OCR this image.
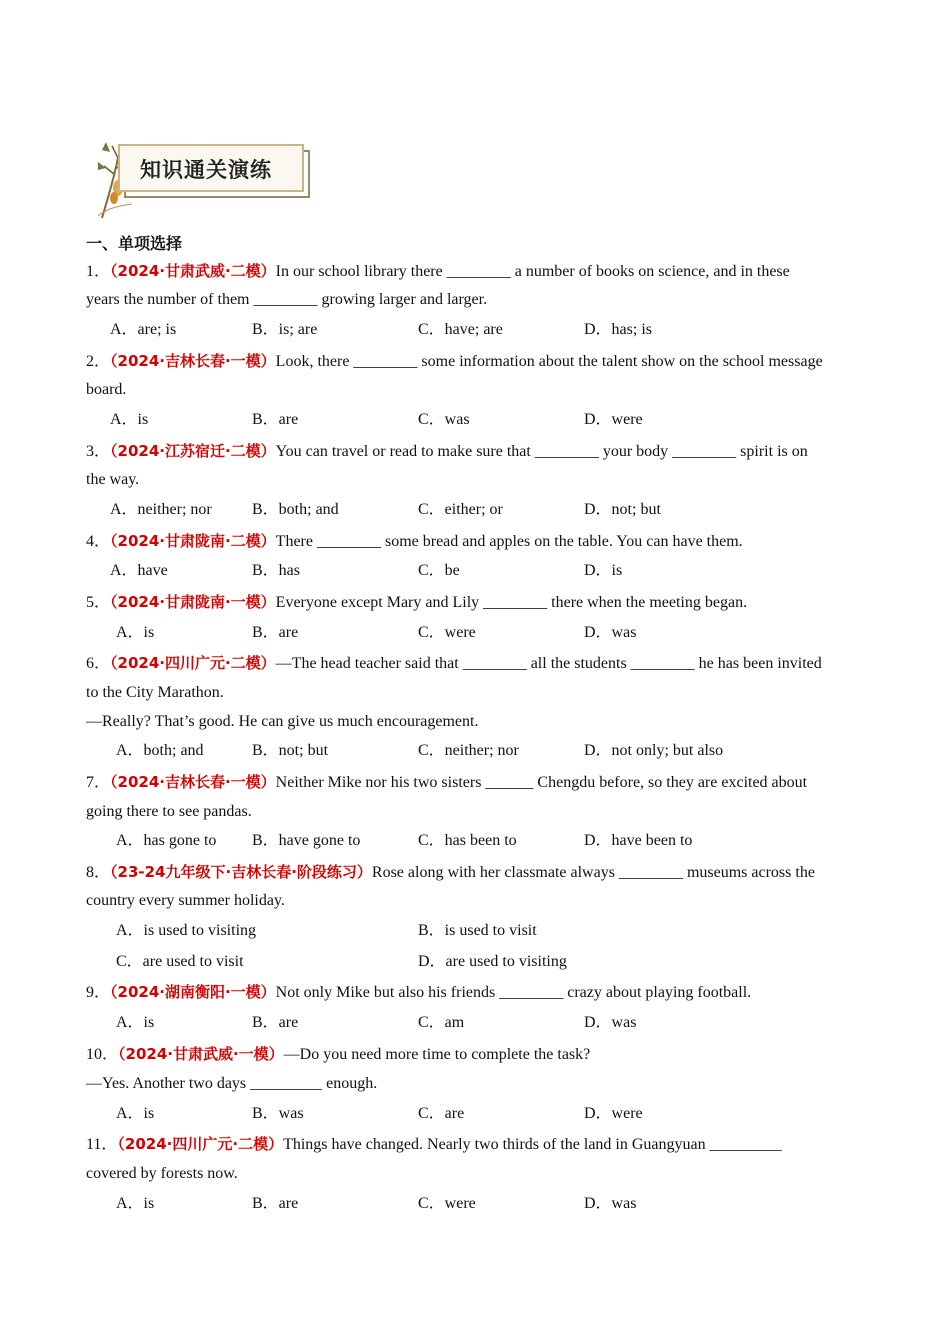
知识通关演练
一、单项选择
1．（2024·甘肃武威·二模）In our school library there ________ a number of books on science, and in these
years the number of them ________ growing larger and larger.
A．are; is	B．is; are	C．have; are	D．has; is
2．（2024·吉林长春·一模）Look, there ________ some information about the talent show on the school message
board.
A．is	B．are	C．was	D．were
3．（2024·江苏宿迁·二模）You can travel or read to make sure that ________ your body ________ spirit is on
the way.
A．neither; nor	B．both; and	C．either; or	D．not; but
4．（2024·甘肃陇南·二模）There ________ some bread and apples on the table. You can have them.
A．have	B．has	C．be	D．is
5．（2024·甘肃陇南·一模）Everyone except Mary and Lily ________ there when the meeting began.
A．is	B．are	C．were	D．was
6．（2024·四川广元·二模）—The head teacher said that ________ all the students ________ he has been invited
to the City Marathon.
—Really? That’s good. He can give us much encouragement.
A．both; and	B．not; but	C．neither; nor	D．not only; but also
7．（2024·吉林长春·一模）Neither Mike nor his two sisters ______ Chengdu before, so they are excited about
going there to see pandas.
A．has gone to B．have gone to	C．has been to	D．have been to
8．（23-24九年级下·吉林长春·阶段练习）Rose along with her classmate always ________ museums across the
country every summer holiday.
A．is used to visiting	B．is used to visit
C．are used to visit	D．are used to visiting
9．（2024·湖南衡阳·一模）Not only Mike but also his friends ________ crazy about playing football.
A．is	B．are	C．am	D．was
10．（2024·甘肃武威·一模）—Do you need more time to complete the task?
—Yes. Another two days _________ enough.
A．is	B．was	C．are	D．were
11．（2024·四川广元·二模）Things have changed. Nearly two thirds of the land in Guangyuan _________
covered by forests now.
A．is	B．are	C．were	D．was
